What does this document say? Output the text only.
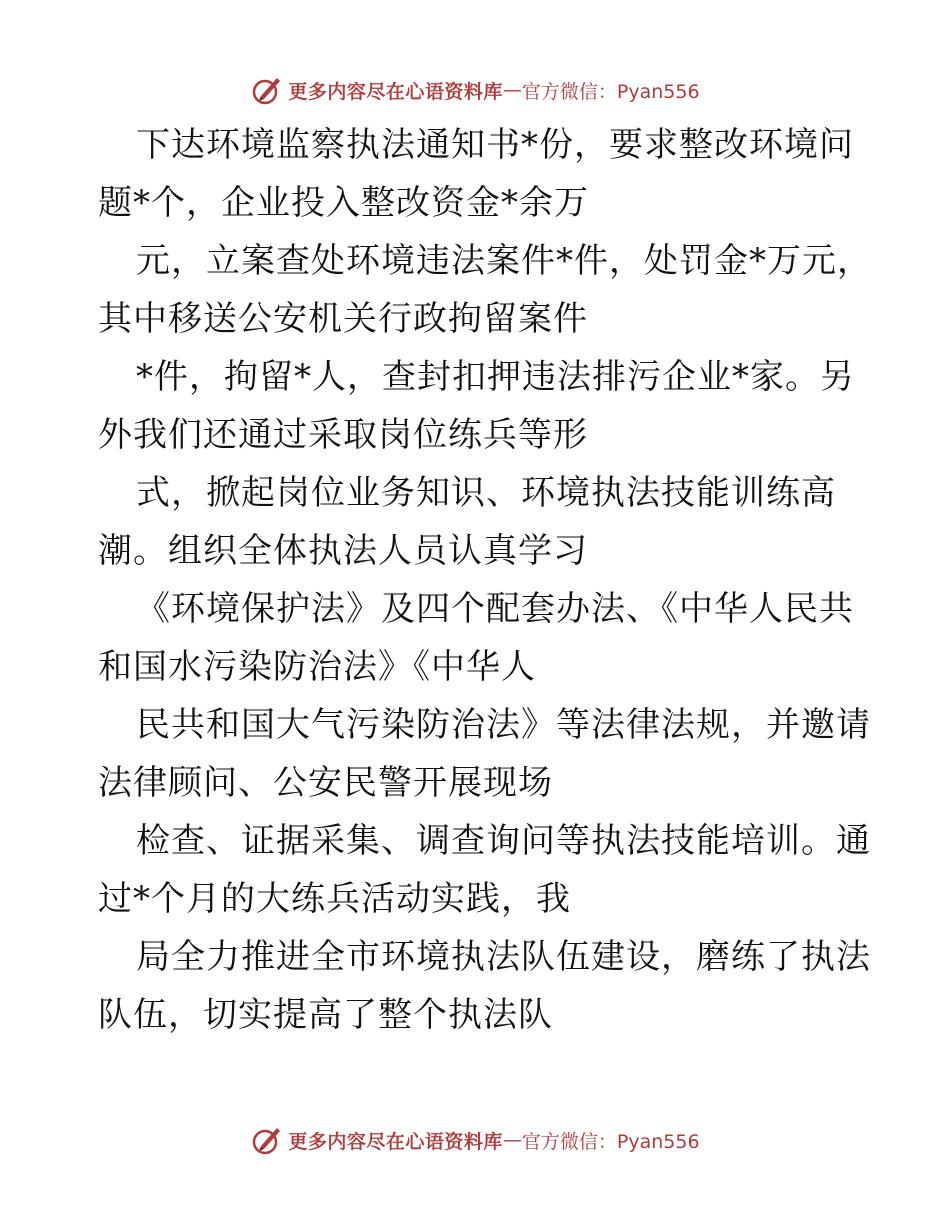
更多内容尽在心语资料库 — 官方微信：Pyan556

下达环境监察执法通知书*份，要求整改环境问

题*个，企业投入整改资金*余万

元，立案查处环境违法案件*件，处罚金*万元，

其中移送公安机关行政拘留案件

*件，拘留*人，查封扣押违法排污企业*家。另

外我们还通过采取岗位练兵等形

式，掀起岗位业务知识、环境执法技能训练高

潮。组织全体执法人员认真学习

《环境保护法》及四个配套办法、《中华人民共

和国水污染防治法》《中华人

民共和国大气污染防治法》等法律法规，并邀请

法律顾问、公安民警开展现场

检查、证据采集、调查询问等执法技能培训。通

过*个月的大练兵活动实践，我

局全力推进全市环境执法队伍建设，磨练了执法

队伍，切实提高了整个执法队

更多内容尽在心语资料库 — 官方微信：Pyan556
